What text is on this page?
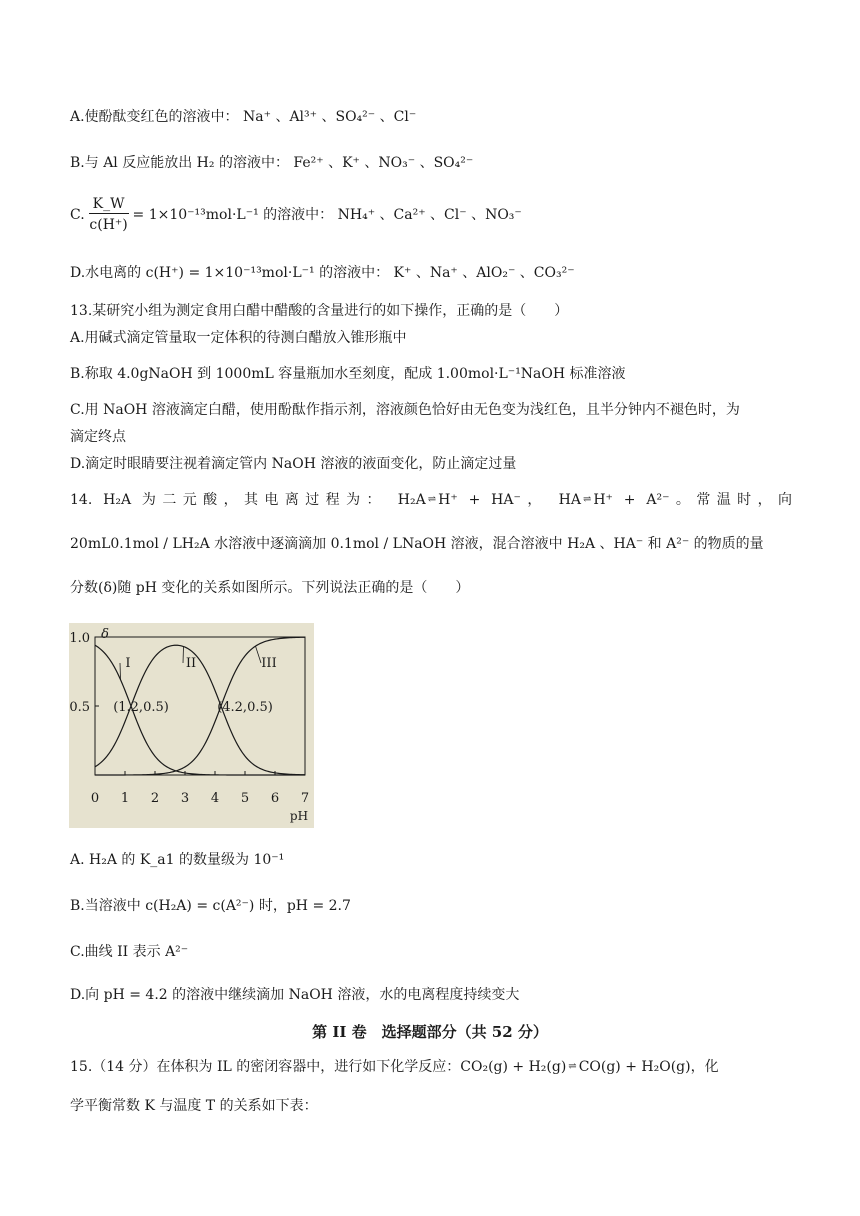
A.使酚酞变红色的溶液中： Na⁺ 、Al³⁺ 、SO₄²⁻ 、Cl⁻
B.与 Al 反应能放出 H₂ 的溶液中： Fe²⁺ 、K⁺ 、NO₃⁻ 、SO₄²⁻
C. $\frac{K\_W}{c(H^+)} = 1\times 10^{-13}mol\cdot L^{-1}$ 的溶液中： NH₄⁺ 、Ca²⁺ 、Cl⁻ 、NO₃⁻
D.水电离的 c(H⁺) = 1×10⁻¹³mol·L⁻¹ 的溶液中： K⁺ 、Na⁺ 、AlO₂⁻ 、CO₃²⁻
13.某研究小组为测定食用白醋中醋酸的含量进行的如下操作，正确的是（　　）
A.用碱式滴定管量取一定体积的待测白醋放入锥形瓶中
B.称取 4.0gNaOH 到 1000mL 容量瓶加水至刻度，配成 1.00mol·L⁻¹NaOH 标准溶液
C.用 NaOH 溶液滴定白醋，使用酚酞作指示剂，溶液颜色恰好由无色变为浅红色，且半分钟内不褪色时，为
滴定终点
D.滴定时眼睛要注视着滴定管内 NaOH 溶液的液面变化，防止滴定过量
14. H₂A 为二元酸，其电离过程为： H₂A ⇌ H⁺ + HA⁻， HA ⇌ H⁺ + A²⁻。常温时，向
20mL0.1mol / LH₂A 水溶液中逐滴滴加 0.1mol / LNaOH 溶液，混合溶液中 H₂A 、HA⁻ 和 A²⁻ 的物质的量
分数(δ)随 pH 变化的关系如图所示。下列说法正确的是（　　）
0 1 2 3 4 5 6 7
0.5
1.0 δ
pH
I	II	III
(1.2,0.5)	(4.2,0.5)
A. H₂A 的 K_a1 的数量级为 10⁻¹
B.当溶液中 c(H₂A) = c(A²⁻) 时，pH = 2.7
C.曲线 II 表示 A²⁻
D.向 pH = 4.2 的溶液中继续滴加 NaOH 溶液，水的电离程度持续变大
第 II 卷　选择题部分（共 52 分）
15.（14 分）在体积为 IL 的密闭容器中，进行如下化学反应：CO₂(g) + H₂(g) ⇌ CO(g) + H₂O(g)，化
学平衡常数 K 与温度 T 的关系如下表：
